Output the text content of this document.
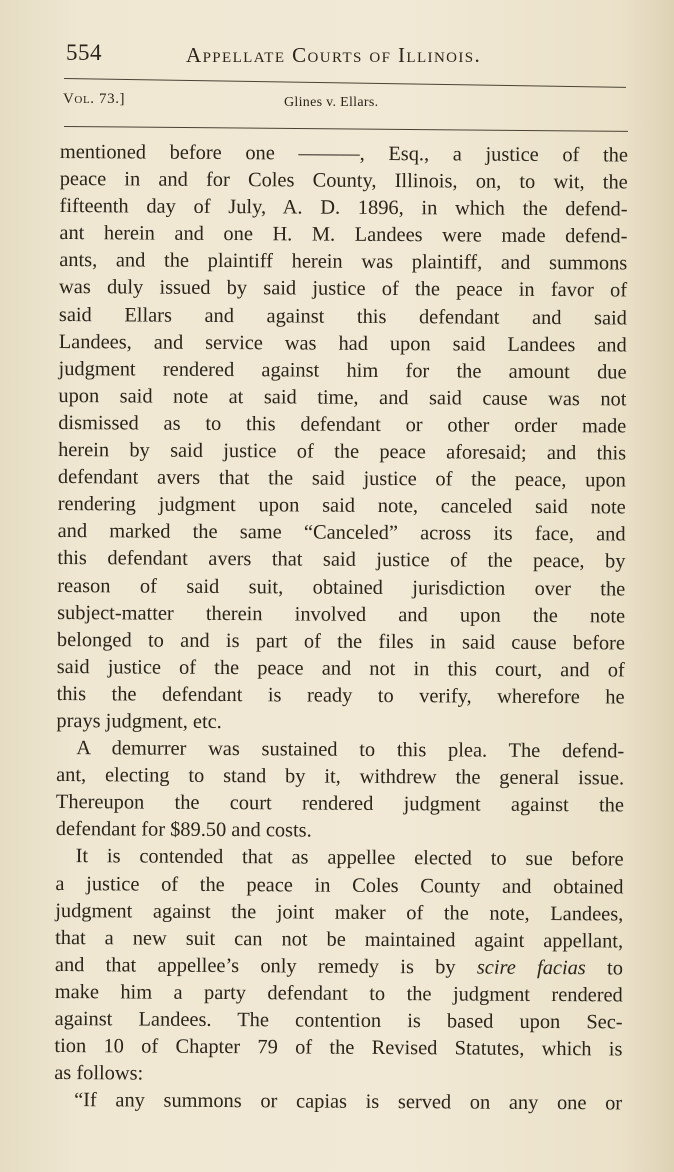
554	Appellate Courts of Illinois.
Vol. 73.]	Glines v. Ellars.
mentioned before one ———, Esq., a justice of the
peace in and for Coles County, Illinois, on, to wit, the
fifteenth day of July, A. D. 1896, in which the defend-
ant herein and one H. M. Landees were made defend-
ants, and the plaintiff herein was plaintiff, and summons
was duly issued by said justice of the peace in favor of
said Ellars and against this defendant and said
Landees, and service was had upon said Landees and
judgment rendered against him for the amount due
upon said note at said time, and said cause was not
dismissed as to this defendant or other order made
herein by said justice of the peace aforesaid; and this
defendant avers that the said justice of the peace, upon
rendering judgment upon said note, canceled said note
and marked the same “Canceled” across its face, and
this defendant avers that said justice of the peace, by
reason of said suit, obtained jurisdiction over the
subject-matter therein involved and upon the note
belonged to and is part of the files in said cause before
said justice of the peace and not in this court, and of
this the defendant is ready to verify, wherefore he
prays judgment, etc.
A demurrer was sustained to this plea. The defend-
ant, electing to stand by it, withdrew the general issue.
Thereupon the court rendered judgment against the
defendant for $89.50 and costs.
It is contended that as appellee elected to sue before
a justice of the peace in Coles County and obtained
judgment against the joint maker of the note, Landees,
that a new suit can not be maintained againt appellant,
and that appellee’s only remedy is by scire facias to
make him a party defendant to the judgment rendered
against Landees. The contention is based upon Sec-
tion 10 of Chapter 79 of the Revised Statutes, which is
as follows:
“If any summons or capias is served on any one or
